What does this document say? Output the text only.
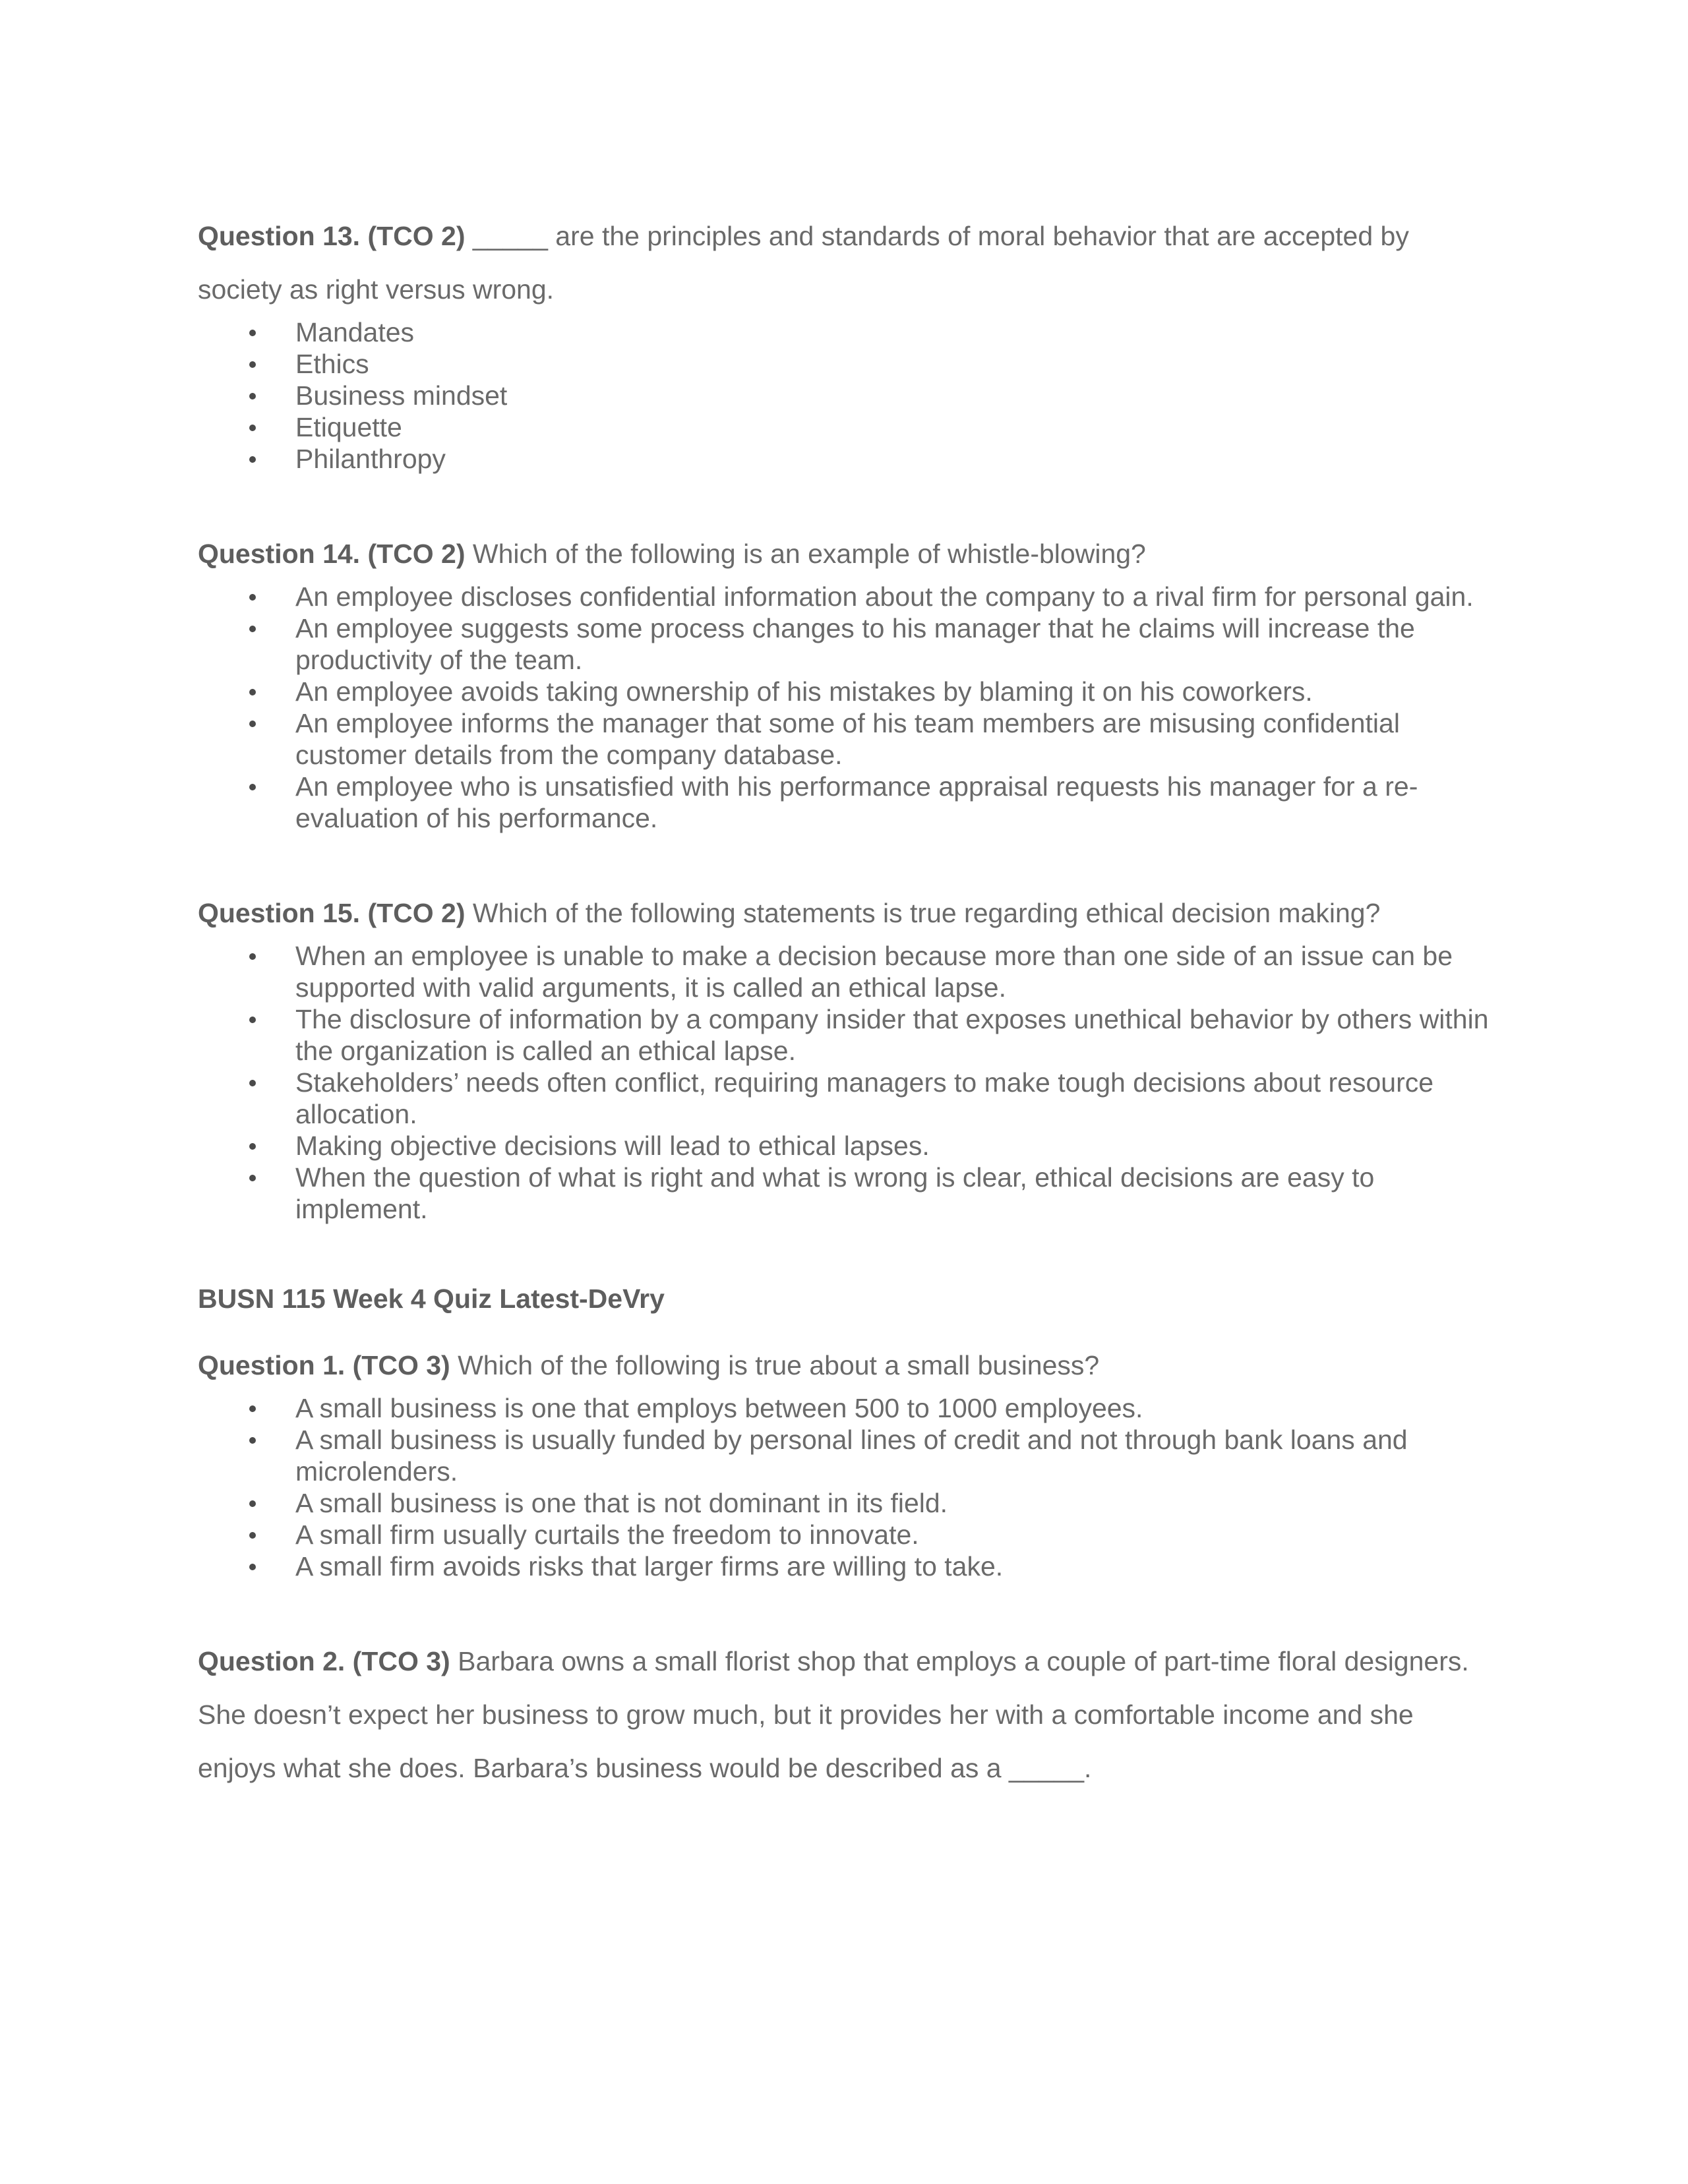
Question 13. (TCO 2) _____ are the principles and standards of moral behavior that are accepted by society as right versus wrong.

Mandates
Ethics
Business mindset
Etiquette
Philanthropy

Question 14. (TCO 2) Which of the following is an example of whistle-blowing?

An employee discloses confidential information about the company to a rival firm for personal gain.
An employee suggests some process changes to his manager that he claims will increase the productivity of the team.
An employee avoids taking ownership of his mistakes by blaming it on his coworkers.
An employee informs the manager that some of his team members are misusing confidential customer details from the company database.
An employee who is unsatisfied with his performance appraisal requests his manager for a re-evaluation of his performance.

Question 15. (TCO 2) Which of the following statements is true regarding ethical decision making?

When an employee is unable to make a decision because more than one side of an issue can be supported with valid arguments, it is called an ethical lapse.
The disclosure of information by a company insider that exposes unethical behavior by others within the organization is called an ethical lapse.
Stakeholders’ needs often conflict, requiring managers to make tough decisions about resource allocation.
Making objective decisions will lead to ethical lapses.
When the question of what is right and what is wrong is clear, ethical decisions are easy to implement.

BUSN 115 Week 4 Quiz Latest-DeVry

Question 1. (TCO 3) Which of the following is true about a small business?

A small business is one that employs between 500 to 1000 employees.
A small business is usually funded by personal lines of credit and not through bank loans and microlenders.
A small business is one that is not dominant in its field.
A small firm usually curtails the freedom to innovate.
A small firm avoids risks that larger firms are willing to take.

Question 2. (TCO 3) Barbara owns a small florist shop that employs a couple of part-time floral designers. She doesn’t expect her business to grow much, but it provides her with a comfortable income and she enjoys what she does. Barbara’s business would be described as a _____.
